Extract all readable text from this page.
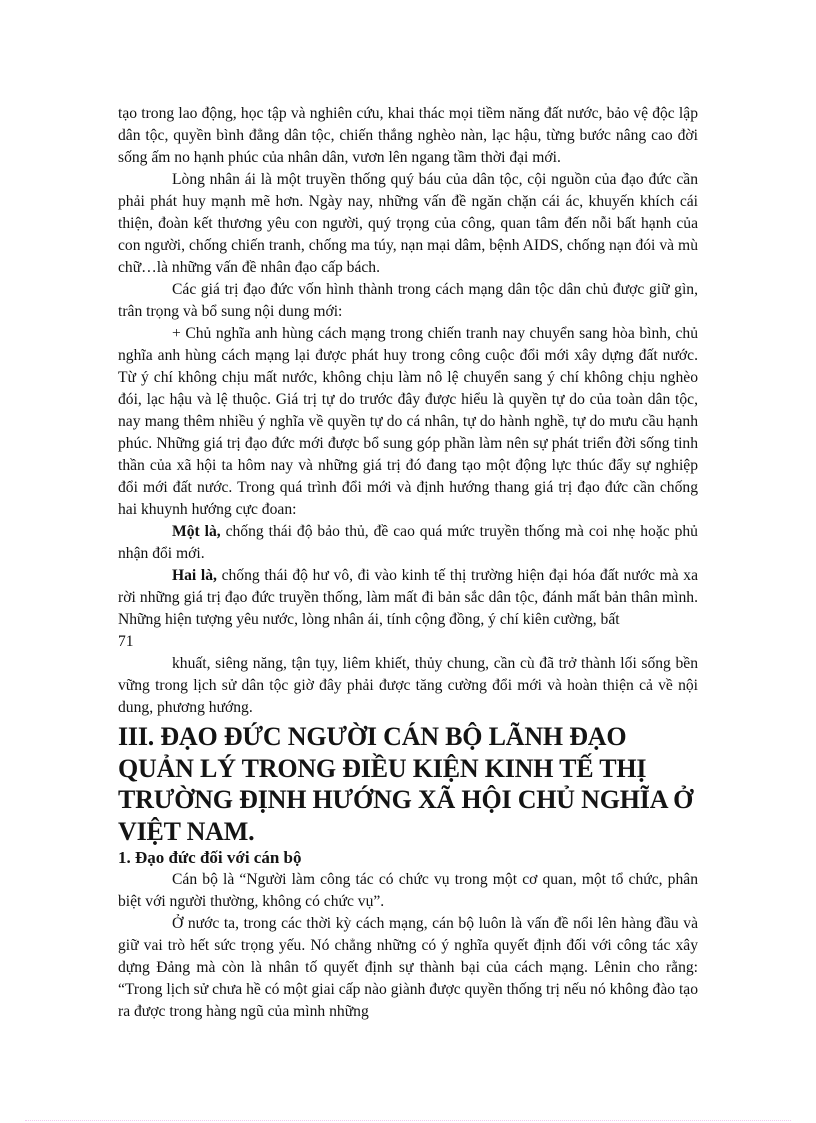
tạo trong lao động, học tập và nghiên cứu, khai thác mọi tiềm năng đất nước, bảo vệ độc lập dân tộc, quyền bình đẳng dân tộc, chiến thắng nghèo nàn, lạc hậu, từng bước nâng cao đời sống ấm no hạnh phúc của nhân dân, vươn lên ngang tầm thời đại mới.

Lòng nhân ái là một truyền thống quý báu của dân tộc, cội nguồn của đạo đức cần phải phát huy mạnh mẽ hơn. Ngày nay, những vấn đề ngăn chặn cái ác, khuyến khích cái thiện, đoàn kết thương yêu con người, quý trọng của công, quan tâm đến nỗi bất hạnh của con người, chống chiến tranh, chống ma túy, nạn mại dâm, bệnh AIDS, chống nạn đói và mù chữ…là những vấn đề nhân đạo cấp bách.

Các giá trị đạo đức vốn hình thành trong cách mạng dân tộc dân chủ được giữ gìn, trân trọng và bổ sung nội dung mới:

+ Chủ nghĩa anh hùng cách mạng trong chiến tranh nay chuyển sang hòa bình, chủ nghĩa anh hùng cách mạng lại được phát huy trong công cuộc đổi mới xây dựng đất nước. Từ ý chí không chịu mất nước, không chịu làm nô lệ chuyển sang ý chí không chịu nghèo đói, lạc hậu và lệ thuộc. Giá trị tự do trước đây được hiểu là quyền tự do của toàn dân tộc, nay mang thêm nhiều ý nghĩa về quyền tự do cá nhân, tự do hành nghề, tự do mưu cầu hạnh phúc. Những giá trị đạo đức mới được bổ sung góp phần làm nên sự phát triển đời sống tinh thần của xã hội ta hôm nay và những giá trị đó đang tạo một động lực thúc đẩy sự nghiệp đổi mới đất nước. Trong quá trình đổi mới và định hướng thang giá trị đạo đức cần chống hai khuynh hướng cực đoan:

Một là, chống thái độ bảo thủ, đề cao quá mức truyền thống mà coi nhẹ hoặc phủ nhận đổi mới.

Hai là, chống thái độ hư vô, đi vào kinh tế thị trường hiện đại hóa đất nước mà xa rời những giá trị đạo đức truyền thống, làm mất đi bản sắc dân tộc, đánh mất bản thân mình. Những hiện tượng yêu nước, lòng nhân ái, tính cộng đồng, ý chí kiên cường, bất

71

khuất, siêng năng, tận tụy, liêm khiết, thủy chung, cần cù đã trở thành lối sống bền vững trong lịch sử dân tộc giờ đây phải được tăng cường đổi mới và hoàn thiện cả về nội dung, phương hướng.

III. ĐẠO ĐỨC NGƯỜI CÁN BỘ LÃNH ĐẠO QUẢN LÝ TRONG ĐIỀU KIỆN KINH TẾ THỊ TRƯỜNG ĐỊNH HƯỚNG XÃ HỘI CHỦ NGHĨA Ở VIỆT NAM.
1. Đạo đức đối với cán bộ

Cán bộ là “Người làm công tác có chức vụ trong một cơ quan, một tổ chức, phân biệt với người thường, không có chức vụ”.

Ở nước ta, trong các thời kỳ cách mạng, cán bộ luôn là vấn đề nổi lên hàng đầu và giữ vai trò hết sức trọng yếu. Nó chẳng những có ý nghĩa quyết định đối với công tác xây dựng Đảng mà còn là nhân tố quyết định sự thành bại của cách mạng. Lênin cho rằng: “Trong lịch sử chưa hề có một giai cấp nào giành được quyền thống trị nếu nó không đào tạo ra được trong hàng ngũ của mình những
